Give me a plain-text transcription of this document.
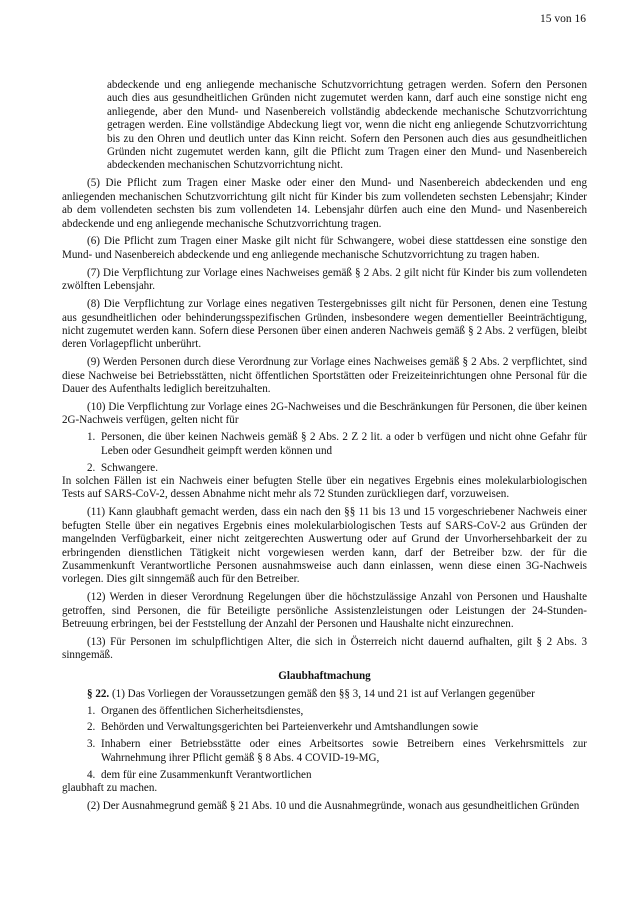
15 von 16

abdeckende und eng anliegende mechanische Schutzvorrichtung getragen werden. Sofern den Personen auch dies aus gesundheitlichen Gründen nicht zugemutet werden kann, darf auch eine sonstige nicht eng anliegende, aber den Mund- und Nasenbereich vollständig abdeckende mechanische Schutzvorrichtung getragen werden. Eine vollständige Abdeckung liegt vor, wenn die nicht eng anliegende Schutzvorrichtung bis zu den Ohren und deutlich unter das Kinn reicht. Sofern den Personen auch dies aus gesundheitlichen Gründen nicht zugemutet werden kann, gilt die Pflicht zum Tragen einer den Mund- und Nasenbereich abdeckenden mechanischen Schutzvorrichtung nicht.

(5) Die Pflicht zum Tragen einer Maske oder einer den Mund- und Nasenbereich abdeckenden und eng anliegenden mechanischen Schutzvorrichtung gilt nicht für Kinder bis zum vollendeten sechsten Lebensjahr; Kinder ab dem vollendeten sechsten bis zum vollendeten 14. Lebensjahr dürfen auch eine den Mund- und Nasenbereich abdeckende und eng anliegende mechanische Schutzvorrichtung tragen.

(6) Die Pflicht zum Tragen einer Maske gilt nicht für Schwangere, wobei diese stattdessen eine sonstige den Mund- und Nasenbereich abdeckende und eng anliegende mechanische Schutzvorrichtung zu tragen haben.

(7) Die Verpflichtung zur Vorlage eines Nachweises gemäß § 2 Abs. 2 gilt nicht für Kinder bis zum vollendeten zwölften Lebensjahr.

(8) Die Verpflichtung zur Vorlage eines negativen Testergebnisses gilt nicht für Personen, denen eine Testung aus gesundheitlichen oder behinderungsspezifischen Gründen, insbesondere wegen dementieller Beeinträchtigung, nicht zugemutet werden kann. Sofern diese Personen über einen anderen Nachweis gemäß § 2 Abs. 2 verfügen, bleibt deren Vorlagepflicht unberührt.

(9) Werden Personen durch diese Verordnung zur Vorlage eines Nachweises gemäß § 2 Abs. 2 verpflichtet, sind diese Nachweise bei Betriebsstätten, nicht öffentlichen Sportstätten oder Freizeiteinrichtungen ohne Personal für die Dauer des Aufenthalts lediglich bereitzuhalten.

(10) Die Verpflichtung zur Vorlage eines 2G-Nachweises und die Beschränkungen für Personen, die über keinen 2G-Nachweis verfügen, gelten nicht für

1. Personen, die über keinen Nachweis gemäß § 2 Abs. 2 Z 2 lit. a oder b verfügen und nicht ohne Gefahr für Leben oder Gesundheit geimpft werden können und
2. Schwangere.

In solchen Fällen ist ein Nachweis einer befugten Stelle über ein negatives Ergebnis eines molekularbiologischen Tests auf SARS-CoV-2, dessen Abnahme nicht mehr als 72 Stunden zurückliegen darf, vorzuweisen.

(11) Kann glaubhaft gemacht werden, dass ein nach den §§ 11 bis 13 und 15 vorgeschriebener Nachweis einer befugten Stelle über ein negatives Ergebnis eines molekularbiologischen Tests auf SARS-CoV-2 aus Gründen der mangelnden Verfügbarkeit, einer nicht zeitgerechten Auswertung oder auf Grund der Unvorhersehbarkeit der zu erbringenden dienstlichen Tätigkeit nicht vorgewiesen werden kann, darf der Betreiber bzw. der für die Zusammenkunft Verantwortliche Personen ausnahmsweise auch dann einlassen, wenn diese einen 3G-Nachweis vorlegen. Dies gilt sinngemäß auch für den Betreiber.

(12) Werden in dieser Verordnung Regelungen über die höchstzulässige Anzahl von Personen und Haushalte getroffen, sind Personen, die für Beteiligte persönliche Assistenzleistungen oder Leistungen der 24-Stunden-Betreuung erbringen, bei der Feststellung der Anzahl der Personen und Haushalte nicht einzurechnen.

(13) Für Personen im schulpflichtigen Alter, die sich in Österreich nicht dauernd aufhalten, gilt § 2 Abs. 3 sinngemäß.

Glaubhaftmachung

§ 22. (1) Das Vorliegen der Voraussetzungen gemäß den §§ 3, 14 und 21 ist auf Verlangen gegenüber

1. Organen des öffentlichen Sicherheitsdienstes,
2. Behörden und Verwaltungsgerichten bei Parteienverkehr und Amtshandlungen sowie
3. Inhabern einer Betriebsstätte oder eines Arbeitsortes sowie Betreibern eines Verkehrsmittels zur Wahrnehmung ihrer Pflicht gemäß § 8 Abs. 4 COVID-19-MG,
4. dem für eine Zusammenkunft Verantwortlichen

glaubhaft zu machen.

(2) Der Ausnahmegrund gemäß § 21 Abs. 10 und die Ausnahmegründe, wonach aus gesundheitlichen Gründen
